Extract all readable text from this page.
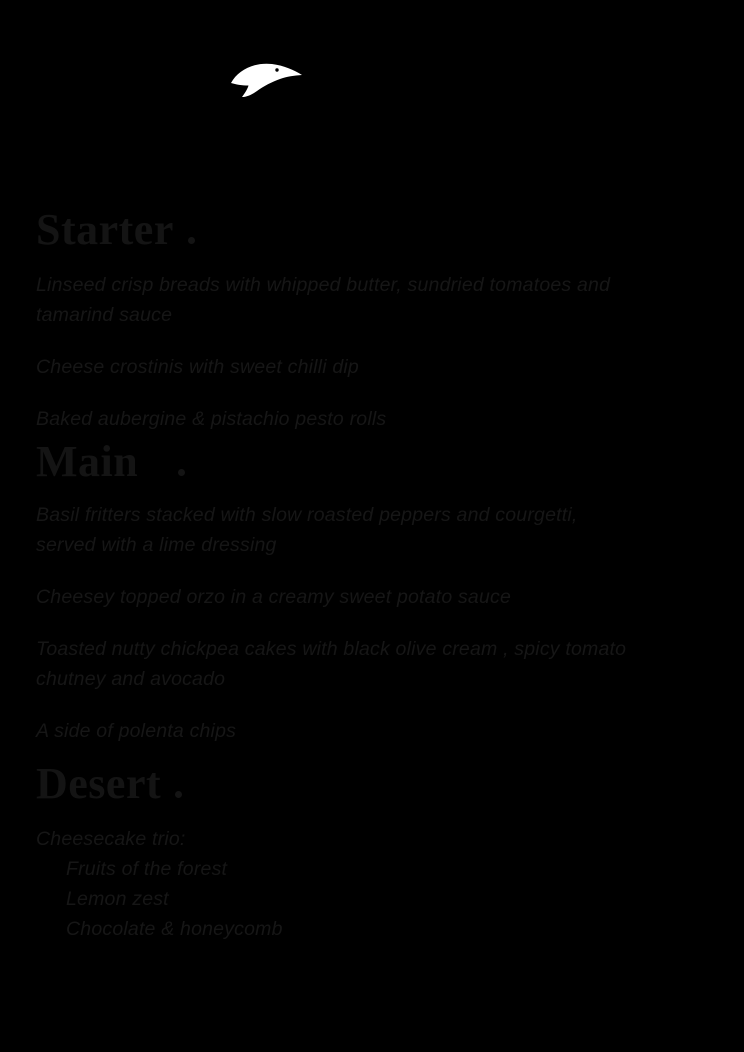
Starter
Linseed crisp breads with whipped butter, sundried tomatoes and tamarind sauce
Cheese crostinis with sweet chilli dip
Baked aubergine & pistachio pesto rolls
Main
Basil fritters stacked with slow roasted peppers and courgetti, served with a lime dressing
Cheesey topped orzo in a creamy sweet potato sauce
Toasted nutty chickpea cakes with black olive cream , spicy tomato chutney and avocado
A side of polenta chips
Desert
Cheesecake trio:
Fruits of the forest
Lemon zest
Chocolate & honeycomb
